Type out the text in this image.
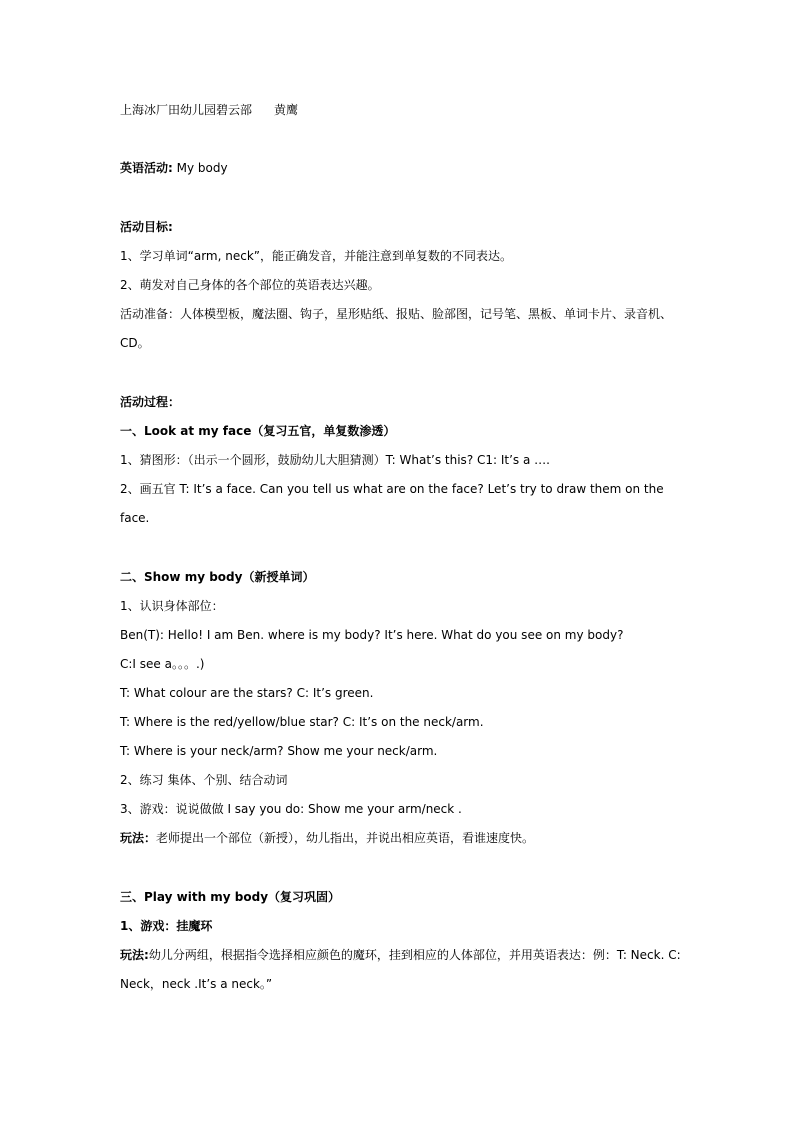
上海冰厂田幼儿园碧云部 黄鹰
英语活动: My body
活动目标:
1、学习单词“arm, neck”，能正确发音，并能注意到单复数的不同表达。
2、萌发对自己身体的各个部位的英语表达兴趣。
活动准备：人体模型板，魔法圈、钩子，星形贴纸、报贴、脸部图，记号笔、黑板、单词卡片、录音机、
CD。
活动过程：
一、Look at my face（复习五官，单复数渗透）
1、猜图形：（出示一个圆形，鼓励幼儿大胆猜测）T: What’s this? C1: It’s a ….
2、画五官 T: It’s a face. Can you tell us what are on the face? Let’s try to draw them on the
face.
二、Show my body（新授单词）
1、认识身体部位：
Ben(T): Hello! I am Ben. where is my body? It’s here. What do you see on my body?
C:I see a。。。.)
T: What colour are the stars? C: It’s green.
T: Where is the red/yellow/blue star? C: It’s on the neck/arm.
T: Where is your neck/arm? Show me your neck/arm.
2、练习 集体、个别、结合动词
3、游戏：说说做做 I say you do: Show me your arm/neck .
玩法：老师提出一个部位（新授），幼儿指出，并说出相应英语，看谁速度快。
三、Play with my body（复习巩固）
1、游戏：挂魔环
玩法:幼儿分两组，根据指令选择相应颜色的魔环，挂到相应的人体部位，并用英语表达：例：T: Neck. C:
Neck，neck .It’s a neck。”
